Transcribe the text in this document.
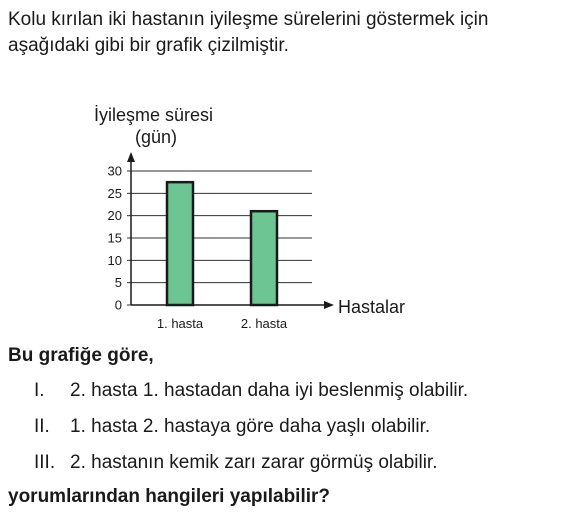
Kolu kırılan iki hastanın iyileşme sürelerini göstermek için aşağıdaki gibi bir grafik çizilmiştir.

İyileşme süresi
(gün)
Hastalar
0
5
10
15
20
25
30
1. hasta	2. hasta

Bu grafiğe göre,

I. 2. hasta 1. hastadan daha iyi beslenmiş olabilir.
II. 1. hasta 2. hastaya göre daha yaşlı olabilir.
III. 2. hastanın kemik zarı zarar görmüş olabilir.

yorumlarından hangileri yapılabilir?
